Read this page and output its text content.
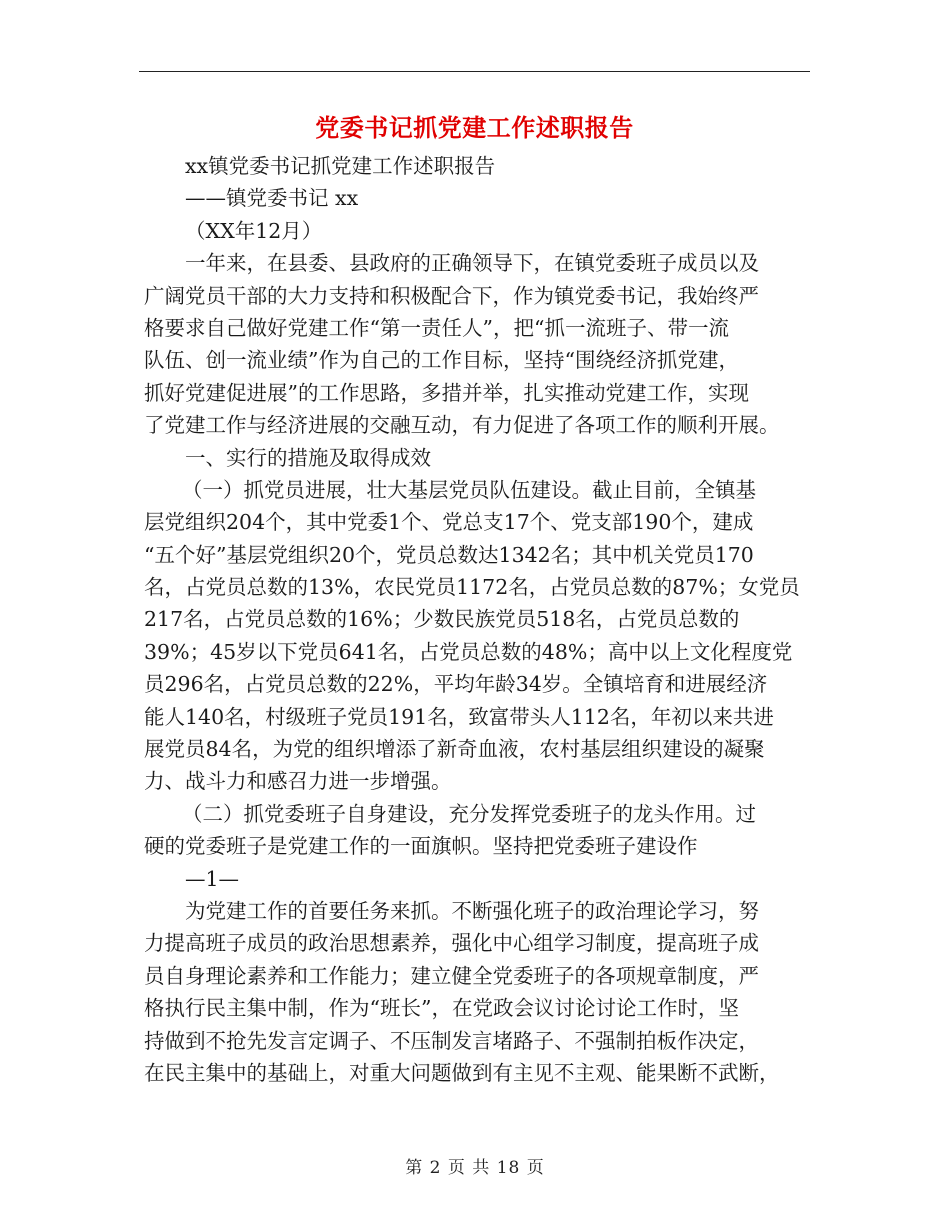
党委书记抓党建工作述职报告
xx镇党委书记抓党建工作述职报告
——镇党委书记 xx
（XX年12月）
一年来，在县委、县政府的正确领导下，在镇党委班子成员以及
广阔党员干部的大力支持和积极配合下，作为镇党委书记，我始终严
格要求自己做好党建工作“第一责任人”，把“抓一流班子、带一流
队伍、创一流业绩”作为自己的工作目标，坚持“围绕经济抓党建，
抓好党建促进展”的工作思路，多措并举，扎实推动党建工作，实现
了党建工作与经济进展的交融互动，有力促进了各项工作的顺利开展。
一、实行的措施及取得成效
（一）抓党员进展，壮大基层党员队伍建设。截止目前，全镇基
层党组织204个，其中党委1个、党总支17个、党支部190个，建成
“五个好”基层党组织20个，党员总数达1342名；其中机关党员170
名，占党员总数的13%，农民党员1172名，占党员总数的87%；女党员
217名，占党员总数的16%；少数民族党员518名，占党员总数的
39%；45岁以下党员641名，占党员总数的48%；高中以上文化程度党
员296名，占党员总数的22%，平均年龄34岁。全镇培育和进展经济
能人140名，村级班子党员191名，致富带头人112名，年初以来共进
展党员84名，为党的组织增添了新奇血液，农村基层组织建设的凝聚
力、战斗力和感召力进一步增强。
（二）抓党委班子自身建设，充分发挥党委班子的龙头作用。过
硬的党委班子是党建工作的一面旗帜。坚持把党委班子建设作
—1—
为党建工作的首要任务来抓。不断强化班子的政治理论学习，努
力提高班子成员的政治思想素养，强化中心组学习制度，提高班子成
员自身理论素养和工作能力；建立健全党委班子的各项规章制度，严
格执行民主集中制，作为“班长”，在党政会议讨论讨论工作时，坚
持做到不抢先发言定调子、不压制发言堵路子、不强制拍板作决定，
在民主集中的基础上，对重大问题做到有主见不主观、能果断不武断，
第 2 页 共 18 页
